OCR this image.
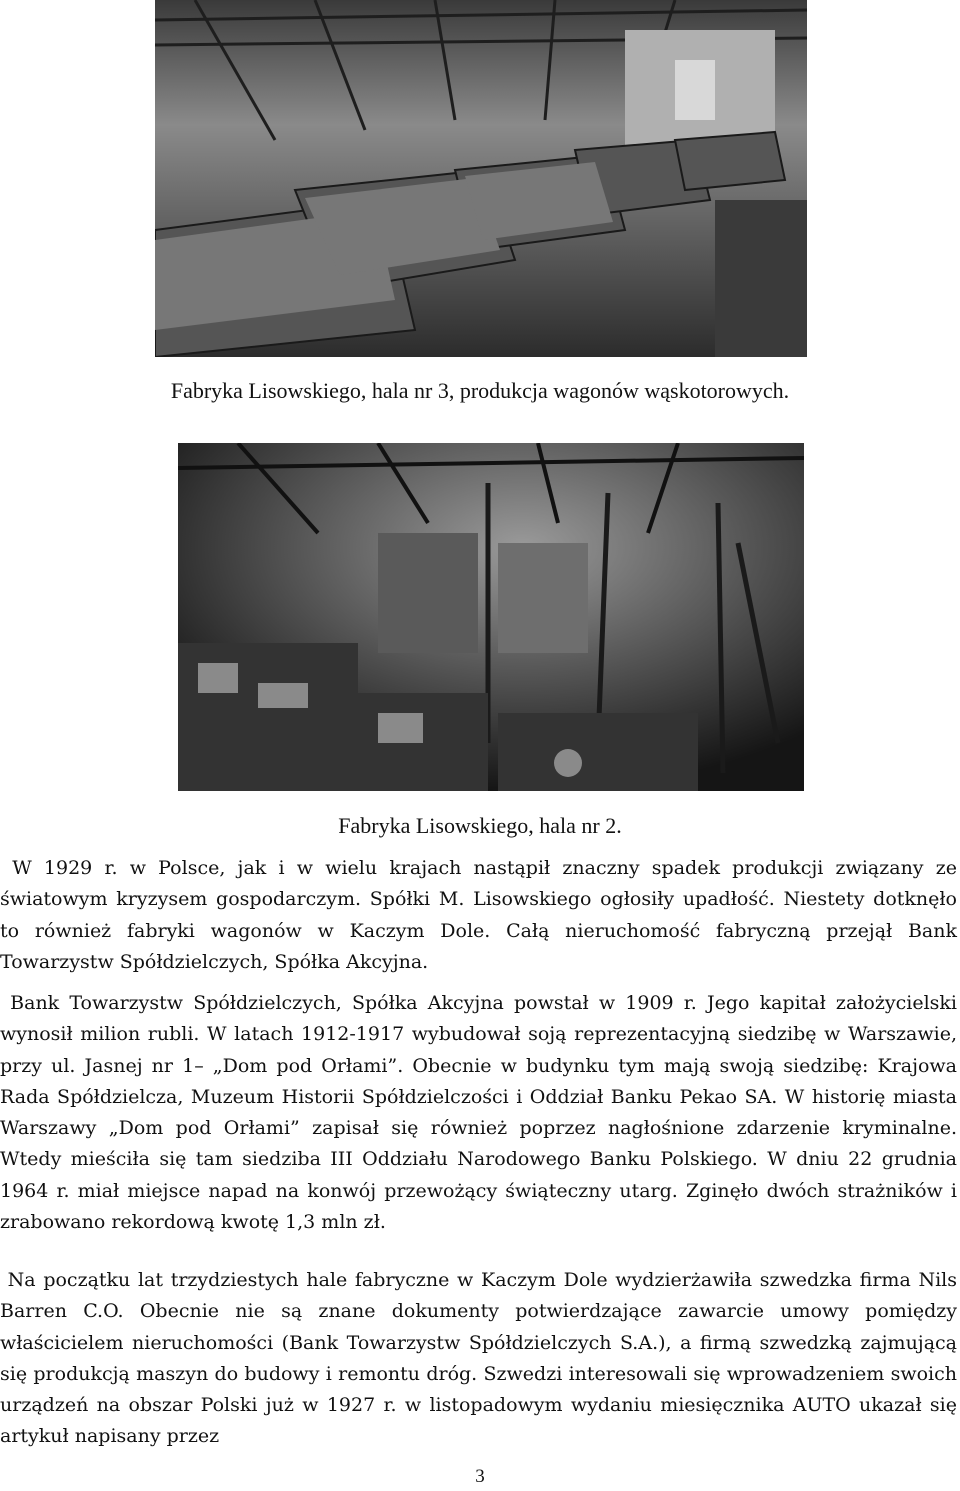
Fabryka Lisowskiego, hala nr 3, produkcja wagonów wąskotorowych.
Fabryka Lisowskiego, hala nr 2.

W 1929 r. w Polsce, jak i w wielu krajach nastąpił znaczny spadek produkcji związany ze światowym kryzysem gospodarczym. Spółki M. Lisowskiego ogłosiły upadłość. Niestety dotknęło to również fabryki wagonów w Kaczym Dole. Całą nieruchomość fabryczną przejął Bank Towarzystw Spółdzielczych, Spółka Akcyjna.

Bank Towarzystw Spółdzielczych, Spółka Akcyjna powstał w 1909 r. Jego kapitał założycielski wynosił milion rubli. W latach 1912-1917 wybudował soją reprezentacyjną siedzibę w Warszawie, przy ul. Jasnej nr 1– „Dom pod Orłami”. Obecnie w budynku tym mają swoją siedzibę: Krajowa Rada Spółdzielcza, Muzeum Historii Spółdzielczości i Oddział Banku Pekao SA. W historię miasta Warszawy „Dom pod Orłami” zapisał się również poprzez nagłośnione zdarzenie kryminalne. Wtedy mieściła się tam siedziba III Oddziału Narodowego Banku Polskiego. W dniu 22 grudnia 1964 r. miał miejsce napad na konwój przewożący świąteczny utarg. Zginęło dwóch strażników i zrabowano rekordową kwotę 1,3 mln zł.

Na początku lat trzydziestych hale fabryczne w Kaczym Dole wydzierżawiła szwedzka firma Nils Barren C.O. Obecnie nie są znane dokumenty potwierdzające zawarcie umowy pomiędzy właścicielem nieruchomości (Bank Towarzystw Spółdzielczych S.A.), a firmą szwedzką zajmującą się produkcją maszyn do budowy i remontu dróg. Szwedzi interesowali się wprowadzeniem swoich urządzeń na obszar Polski już w 1927 r. w listopadowym wydaniu miesięcznika AUTO ukazał się artykuł napisany przez

3
